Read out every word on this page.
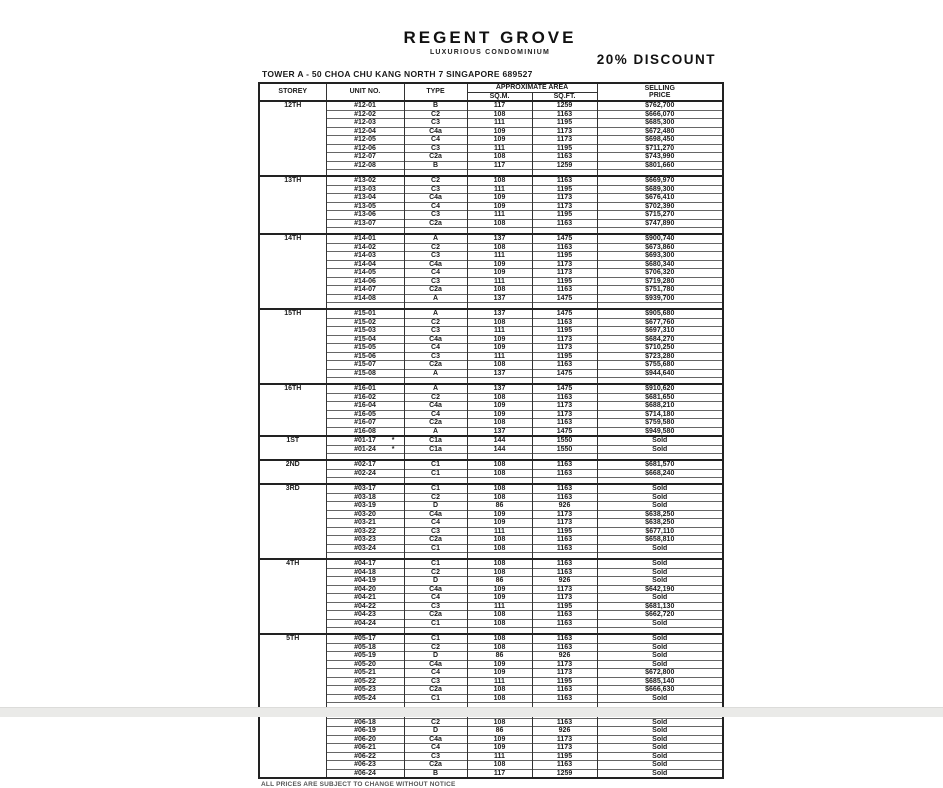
REGENT GROVE
LUXURIOUS CONDOMINIUM	20% DISCOUNT
TOWER A - 50 CHOA CHU KANG NORTH 7 SINGAPORE 689527
STOREY	UNIT NO.	TYPE	APPROXIMATE AREA		SELLING
PRICE

			SQ.M.	SQ.FT.	
12TH	#12-01	B	117	1259	$762,700
	#12-02	C2	108	1163	$666,070
	#12-03	C3	111	1195	$685,300
	#12-04	C4a	109	1173	$672,480
	#12-05	C4	109	1173	$698,450
	#12-06	C3	111	1195	$711,270
	#12-07	C2a	108	1163	$743,990
	#12-08	B	117	1259	$801,660

13TH	#13-02	C2	108	1163	$669,970
	#13-03	C3	111	1195	$689,300
	#13-04	C4a	109	1173	$676,410
	#13-05	C4	109	1173	$702,390
	#13-06	C3	111	1195	$715,270
	#13-07	C2a	108	1163	$747,890

14TH	#14-01	A	137	1475	$900,740
	#14-02	C2	108	1163	$673,860
	#14-03	C3	111	1195	$693,300
	#14-04	C4a	109	1173	$680,340
	#14-05	C4	109	1173	$706,320
	#14-06	C3	111	1195	$719,280
	#14-07	C2a	108	1163	$751,780
	#14-08	A	137	1475	$939,700

15TH	#15-01	A	137	1475	$905,680
	#15-02	C2	108	1163	$677,760
	#15-03	C3	111	1195	$697,310
	#15-04	C4a	109	1173	$684,270
	#15-05	C4	109	1173	$710,250
	#15-06	C3	111	1195	$723,280
	#15-07	C2a	108	1163	$755,680
	#15-08	A	137	1475	$944,640

16TH	#16-01	A	137	1475	$910,620
	#16-02	C2	108	1163	$681,650
	#16-04	C4a	109	1173	$688,210
	#16-05	C4	109	1173	$714,180
	#16-07	C2a	108	1163	$759,580
	#16-08	A	137	1475	$949,580
1ST	#01-17 *	C1a	144	1550	Sold
	#01-24 *	C1a	144	1550	Sold

2ND	#02-17	C1	108	1163	$681,570
	#02-24	C1	108	1163	$668,240

3RD	#03-17	C1	108	1163	Sold
	#03-18	C2	108	1163	Sold
	#03-19	D	86	926	Sold
	#03-20	C4a	109	1173	$638,250
	#03-21	C4	109	1173	$638,250
	#03-22	C3	111	1195	$677,110
	#03-23	C2a	108	1163	$658,810
	#03-24	C1	108	1163	Sold

4TH	#04-17	C1	108	1163	Sold
	#04-18	C2	108	1163	Sold
	#04-19	D	86	926	Sold
	#04-20	C4a	109	1173	$642,190
	#04-21	C4	109	1173	Sold
	#04-22	C3	111	1195	$681,130
	#04-23	C2a	108	1163	$662,720
	#04-24	C1	108	1163	Sold

5TH	#05-17	C1	108	1163	Sold
	#05-18	C2	108	1163	Sold
	#05-19	D	86	926	Sold
	#05-20	C4a	109	1173	Sold
	#05-21	C4	109	1173	$672,800
	#05-22	C3	111	1195	$685,140
	#05-23	C2a	108	1163	$666,630
	#05-24	C1	108	1163	Sold

	#06-18	C2	108	1163	Sold
	#06-19	D	86	926	Sold
	#06-20	C4a	109	1173	Sold
	#06-21	C4	109	1173	Sold
	#06-22	C3	111	1195	Sold
	#06-23	C2a	108	1163	Sold
	#06-24	B	117	1259	Sold
ALL PRICES ARE SUBJECT TO CHANGE WITHOUT NOTICE
